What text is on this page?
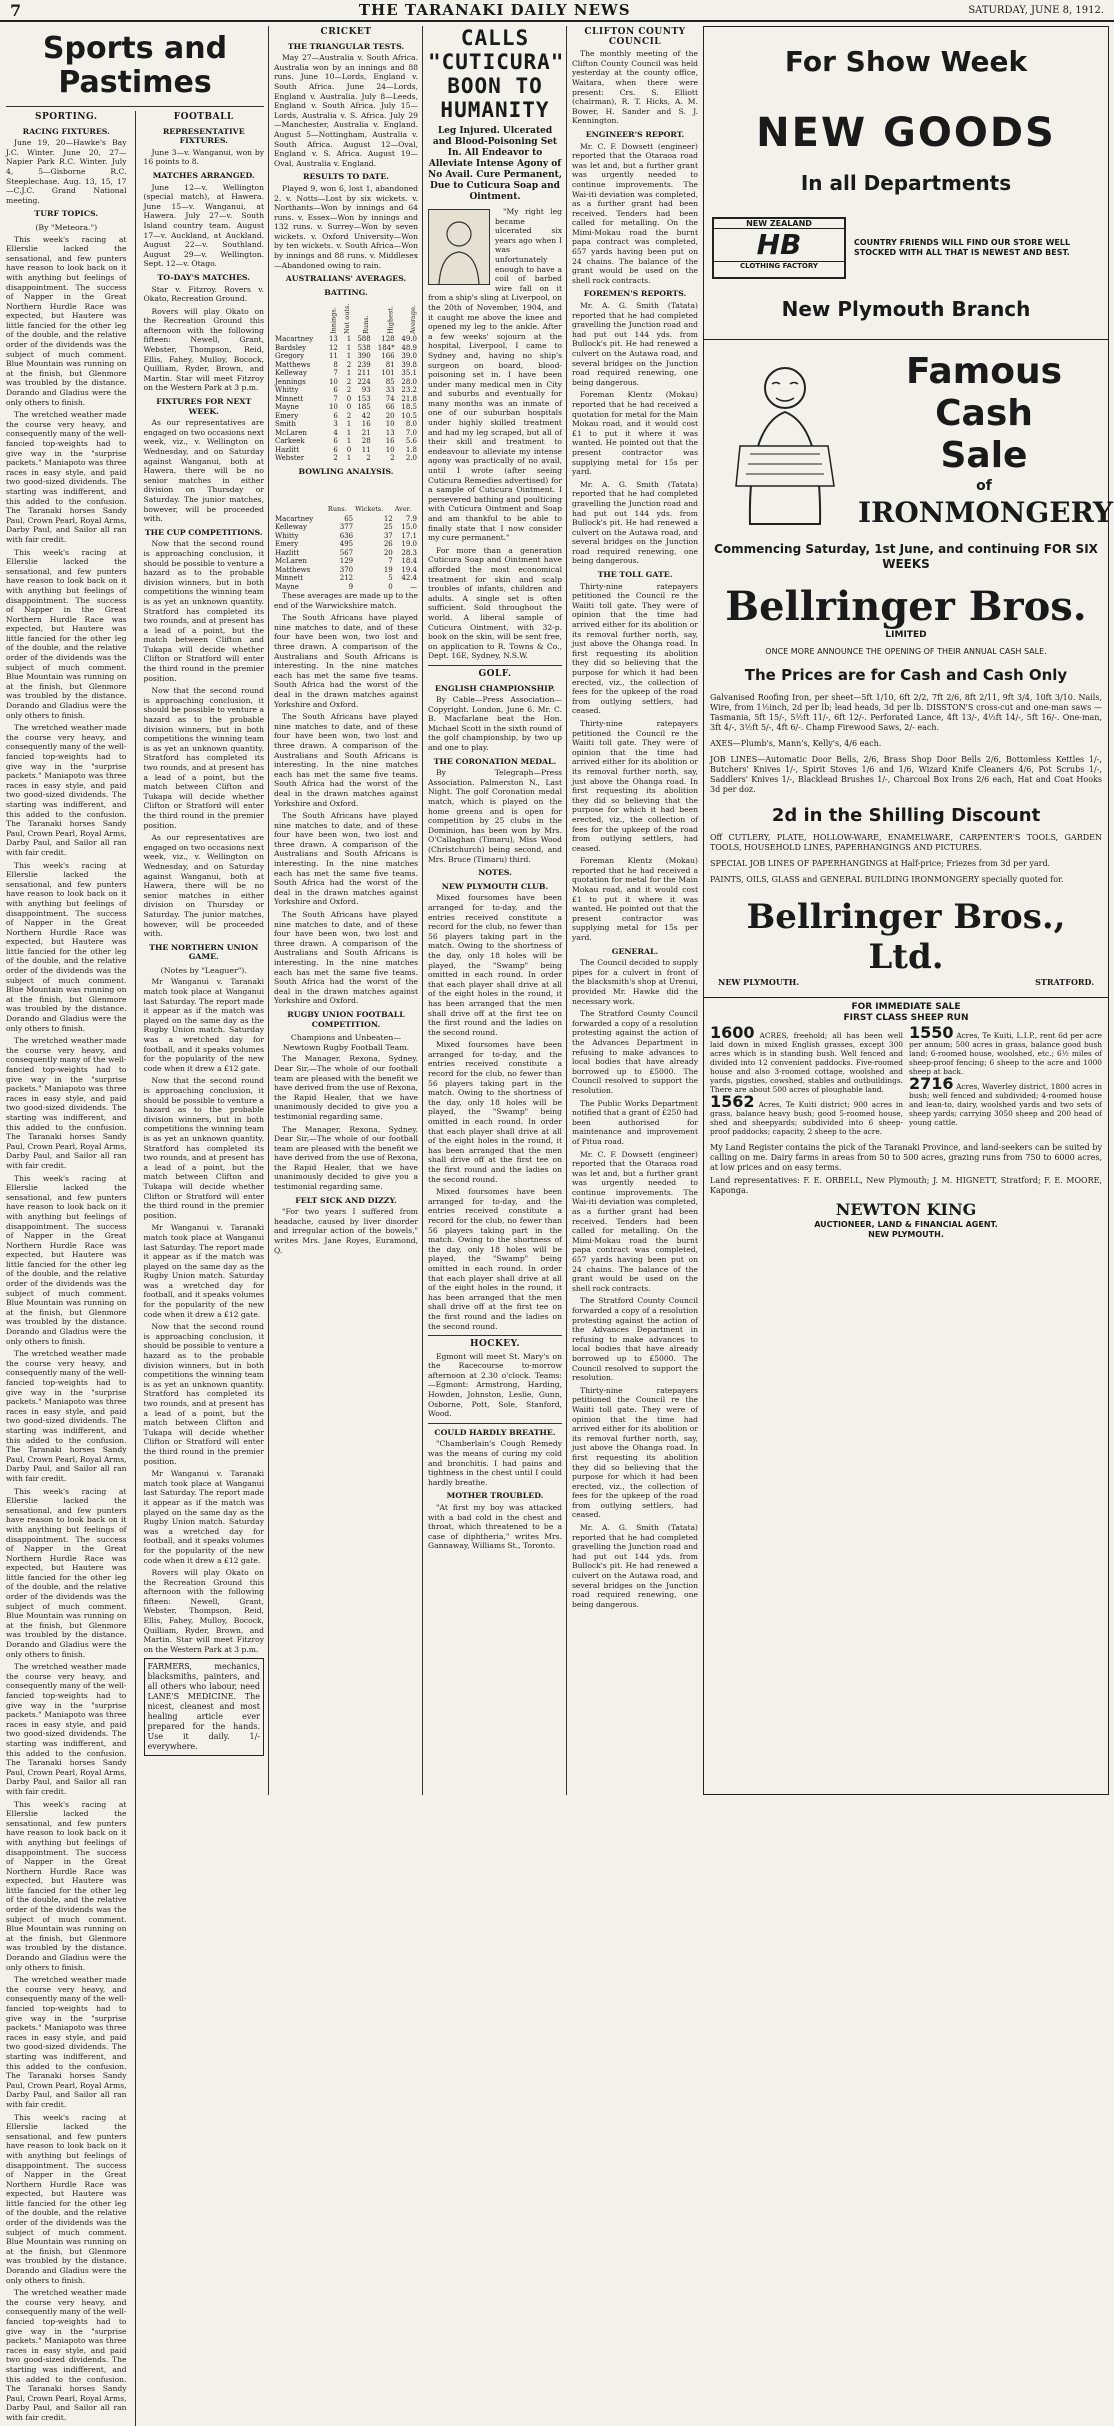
7	THE TARANAKI DAILY NEWS	SATURDAY, JUNE 8, 1912.
Sports and Pastimes
SPORTING.
RACING FIXTURES.

June 19, 20—Hawke's Bay J.C. Winter. June 20, 27—Napier Park R.C. Winter. July 4, 5—Gisborne R.C. Steeplechase. Aug. 13, 15, 17—C.J.C. Grand National meeting.

TURF TOPICS.
(By "Meteora.")

This week's racing at Ellerslie lacked the sensational, and few punters have reason to look back on it with anything but feelings of disappointment. The success of Napper in the Great Northern Hurdle Race was expected, but Hautere was little fancied for the other leg of the double, and the relative order of the dividends was the subject of much comment. Blue Mountain was running on at the finish, but Glenmore was troubled by the distance. Dorando and Gladius were the only others to finish.

The wretched weather made the course very heavy, and consequently many of the well-fancied top-weights had to give way in the "surprise packets." Maniapoto was three races in easy style, and paid two good-sized dividends. The starting was indifferent, and this added to the confusion. The Taranaki horses Sandy Paul, Crown Pearl, Royal Arms, Darby Paul, and Sailor all ran with fair credit.

This week's racing at Ellerslie lacked the sensational, and few punters have reason to look back on it with anything but feelings of disappointment. The success of Napper in the Great Northern Hurdle Race was expected, but Hautere was little fancied for the other leg of the double, and the relative order of the dividends was the subject of much comment. Blue Mountain was running on at the finish, but Glenmore was troubled by the distance. Dorando and Gladius were the only others to finish.

The wretched weather made the course very heavy, and consequently many of the well-fancied top-weights had to give way in the "surprise packets." Maniapoto was three races in easy style, and paid two good-sized dividends. The starting was indifferent, and this added to the confusion. The Taranaki horses Sandy Paul, Crown Pearl, Royal Arms, Darby Paul, and Sailor all ran with fair credit.

This week's racing at Ellerslie lacked the sensational, and few punters have reason to look back on it with anything but feelings of disappointment. The success of Napper in the Great Northern Hurdle Race was expected, but Hautere was little fancied for the other leg of the double, and the relative order of the dividends was the subject of much comment. Blue Mountain was running on at the finish, but Glenmore was troubled by the distance. Dorando and Gladius were the only others to finish.

The wretched weather made the course very heavy, and consequently many of the well-fancied top-weights had to give way in the "surprise packets." Maniapoto was three races in easy style, and paid two good-sized dividends. The starting was indifferent, and this added to the confusion. The Taranaki horses Sandy Paul, Crown Pearl, Royal Arms, Darby Paul, and Sailor all ran with fair credit.

This week's racing at Ellerslie lacked the sensational, and few punters have reason to look back on it with anything but feelings of disappointment. The success of Napper in the Great Northern Hurdle Race was expected, but Hautere was little fancied for the other leg of the double, and the relative order of the dividends was the subject of much comment. Blue Mountain was running on at the finish, but Glenmore was troubled by the distance. Dorando and Gladius were the only others to finish.

The wretched weather made the course very heavy, and consequently many of the well-fancied top-weights had to give way in the "surprise packets." Maniapoto was three races in easy style, and paid two good-sized dividends. The starting was indifferent, and this added to the confusion. The Taranaki horses Sandy Paul, Crown Pearl, Royal Arms, Darby Paul, and Sailor all ran with fair credit.

This week's racing at Ellerslie lacked the sensational, and few punters have reason to look back on it with anything but feelings of disappointment. The success of Napper in the Great Northern Hurdle Race was expected, but Hautere was little fancied for the other leg of the double, and the relative order of the dividends was the subject of much comment. Blue Mountain was running on at the finish, but Glenmore was troubled by the distance. Dorando and Gladius were the only others to finish.

The wretched weather made the course very heavy, and consequently many of the well-fancied top-weights had to give way in the "surprise packets." Maniapoto was three races in easy style, and paid two good-sized dividends. The starting was indifferent, and this added to the confusion. The Taranaki horses Sandy Paul, Crown Pearl, Royal Arms, Darby Paul, and Sailor all ran with fair credit.

This week's racing at Ellerslie lacked the sensational, and few punters have reason to look back on it with anything but feelings of disappointment. The success of Napper in the Great Northern Hurdle Race was expected, but Hautere was little fancied for the other leg of the double, and the relative order of the dividends was the subject of much comment. Blue Mountain was running on at the finish, but Glenmore was troubled by the distance. Dorando and Gladius were the only others to finish.

The wretched weather made the course very heavy, and consequently many of the well-fancied top-weights had to give way in the "surprise packets." Maniapoto was three races in easy style, and paid two good-sized dividends. The starting was indifferent, and this added to the confusion. The Taranaki horses Sandy Paul, Crown Pearl, Royal Arms, Darby Paul, and Sailor all ran with fair credit.

This week's racing at Ellerslie lacked the sensational, and few punters have reason to look back on it with anything but feelings of disappointment. The success of Napper in the Great Northern Hurdle Race was expected, but Hautere was little fancied for the other leg of the double, and the relative order of the dividends was the subject of much comment. Blue Mountain was running on at the finish, but Glenmore was troubled by the distance. Dorando and Gladius were the only others to finish.

The wretched weather made the course very heavy, and consequently many of the well-fancied top-weights had to give way in the "surprise packets." Maniapoto was three races in easy style, and paid two good-sized dividends. The starting was indifferent, and this added to the confusion. The Taranaki horses Sandy Paul, Crown Pearl, Royal Arms, Darby Paul, and Sailor all ran with fair credit.

FOOTBALL
REPRESENTATIVE FIXTURES.

June 3—v. Wanganui, won by 16 points to 8.

MATCHES ARRANGED.

June 12—v. Wellington (special match), at Hawera. June 15—v. Wanganui, at Hawera. July 27—v. South Island country team. August 17—v. Auckland, at Auckland. August 22—v. Southland. August 29—v. Wellington. Sept. 12—v. Otago.

TO-DAY'S MATCHES.

Star v. Fitzroy. Rovers v. Okato, Recreation Ground.

Rovers will play Okato on the Recreation Ground this afternoon with the following fifteen: Newell, Grant, Webster, Thompson, Reid, Ellis, Fahey, Mulloy, Bocock, Quilliam, Ryder, Brown, and Martin. Star will meet Fitzroy on the Western Park at 3 p.m.

FIXTURES FOR NEXT WEEK.

As our representatives are engaged on two occasions next week, viz., v. Wellington on Wednesday, and on Saturday against Wanganui, both at Hawera, there will be no senior matches in either division on Thursday or Saturday. The junior matches, however, will be proceeded with.

THE CUP COMPETITIONS.

Now that the second round is approaching conclusion, it should be possible to venture a hazard as to the probable division winners, but in both competitions the winning team is as yet an unknown quantity. Stratford has completed its two rounds, and at present has a lead of a point, but the match between Clifton and Tukapa will decide whether Clifton or Stratford will enter the third round in the premier position.

Now that the second round is approaching conclusion, it should be possible to venture a hazard as to the probable division winners, but in both competitions the winning team is as yet an unknown quantity. Stratford has completed its two rounds, and at present has a lead of a point, but the match between Clifton and Tukapa will decide whether Clifton or Stratford will enter the third round in the premier position.

As our representatives are engaged on two occasions next week, viz., v. Wellington on Wednesday, and on Saturday against Wanganui, both at Hawera, there will be no senior matches in either division on Thursday or Saturday. The junior matches, however, will be proceeded with.

THE NORTHERN UNION GAME.
(Notes by "Leaguer").

Mr Wanganui v. Taranaki match took place at Wanganui last Saturday. The report made it appear as if the match was played on the same day as the Rugby Union match. Saturday was a wretched day for football, and it speaks volumes for the popularity of the new code when it drew a £12 gate.

Now that the second round is approaching conclusion, it should be possible to venture a hazard as to the probable division winners, but in both competitions the winning team is as yet an unknown quantity. Stratford has completed its two rounds, and at present has a lead of a point, but the match between Clifton and Tukapa will decide whether Clifton or Stratford will enter the third round in the premier position.

Mr Wanganui v. Taranaki match took place at Wanganui last Saturday. The report made it appear as if the match was played on the same day as the Rugby Union match. Saturday was a wretched day for football, and it speaks volumes for the popularity of the new code when it drew a £12 gate.

Now that the second round is approaching conclusion, it should be possible to venture a hazard as to the probable division winners, but in both competitions the winning team is as yet an unknown quantity. Stratford has completed its two rounds, and at present has a lead of a point, but the match between Clifton and Tukapa will decide whether Clifton or Stratford will enter the third round in the premier position.

Mr Wanganui v. Taranaki match took place at Wanganui last Saturday. The report made it appear as if the match was played on the same day as the Rugby Union match. Saturday was a wretched day for football, and it speaks volumes for the popularity of the new code when it drew a £12 gate.

Rovers will play Okato on the Recreation Ground this afternoon with the following fifteen: Newell, Grant, Webster, Thompson, Reid, Ellis, Fahey, Mulloy, Bocock, Quilliam, Ryder, Brown, and Martin. Star will meet Fitzroy on the Western Park at 3 p.m.

FARMERS, mechanics, blacksmiths, painters, and all others who labour, need LANE'S MEDICINE. The nicest, cleanest and most healing article ever prepared for the hands. Use it daily. 1/- everywhere.
CRICKET
THE TRIANGULAR TESTS.

May 27—Australia v. South Africa. Australia won by an innings and 88 runs. June 10—Lords, England v. South Africa. June 24—Lords, England v. Australia. July 8—Leeds, England v. South Africa. July 15—Lords, Australia v. S. Africa. July 29—Manchester, Australia v. England. August 5—Nottingham, Australia v. South Africa. August 12—Oval, England v. S. Africa. August 19—Oval, Australia v. England.

RESULTS TO DATE.

Played 9, won 6, lost 1, abandoned 2. v. Notts—Lost by six wickets. v. Northants—Won by innings and 64 runs. v. Essex—Won by innings and 132 runs. v. Surrey—Won by seven wickets. v. Oxford University—Won by ten wickets. v. South Africa—Won by innings and 88 runs. v. Middlesex—Abandoned owing to rain.

AUSTRALIANS' AVERAGES.
BATTING.
	Innings.	Not outs.	Runs.	Highest.	Average.
Macartney	13	1	588	128	49.0
Bardsley	12	1	538	184*	48.9
Gregory	11	1	390	166	39.0
Matthews	8	2	239	81	39.8
Kelleway	7	1	211	101	35.1
Jennings	10	2	224	85	28.0
Whitty	6	2	93	33	23.2
Minnett	7	0	153	74	21.8
Mayne	10	0	185	66	18.5
Emery	6	2	42	20	10.5
Smith	3	1	16	10	8.0
McLaren	4	1	21	13	7.0
Carkeek	6	1	28	16	5.6
Hazlitt	6	0	11	10	1.8
Webster	2	1	2	2	2.0
BOWLING ANALYSIS.
	Runs.	Wickets.	Aver.
Macartney	65	12	7.9
Kelleway	377	25	15.0
Whitty	636	37	17.1
Emery	495	26	19.0
Hazlitt	567	20	28.3
McLaren	129	7	18.4
Matthews	370	19	19.4
Minnett	212	5	42.4
Mayne	9	0	—

These averages are made up to the end of the Warwickshire match.

The South Africans have played nine matches to date, and of these four have been won, two lost and three drawn. A comparison of the Australians and South Africans is interesting. In the nine matches each has met the same five teams. South Africa had the worst of the deal in the drawn matches against Yorkshire and Oxford.

The South Africans have played nine matches to date, and of these four have been won, two lost and three drawn. A comparison of the Australians and South Africans is interesting. In the nine matches each has met the same five teams. South Africa had the worst of the deal in the drawn matches against Yorkshire and Oxford.

The South Africans have played nine matches to date, and of these four have been won, two lost and three drawn. A comparison of the Australians and South Africans is interesting. In the nine matches each has met the same five teams. South Africa had the worst of the deal in the drawn matches against Yorkshire and Oxford.

The South Africans have played nine matches to date, and of these four have been won, two lost and three drawn. A comparison of the Australians and South Africans is interesting. In the nine matches each has met the same five teams. South Africa had the worst of the deal in the drawn matches against Yorkshire and Oxford.

RUGBY UNION FOOTBALL COMPETITION.
Champions and Unbeaten—Newtown Rugby Football Team.

The Manager, Rexona, Sydney. Dear Sir,—The whole of our football team are pleased with the benefit we have derived from the use of Rexona, the Rapid Healer, that we have unanimously decided to give you a testimonial regarding same.

The Manager, Rexona, Sydney. Dear Sir,—The whole of our football team are pleased with the benefit we have derived from the use of Rexona, the Rapid Healer, that we have unanimously decided to give you a testimonial regarding same.

FELT SICK AND DIZZY.

"For two years I suffered from headache, caused by liver disorder and irregular action of the bowels," writes Mrs. Jane Royes, Euramond, Q.

CALLS "CUTICURA" BOON TO HUMANITY
Leg Injured. Ulcerated and Blood-Poisoning Set In. All Endeavor to Alleviate Intense Agony of No Avail. Cure Permanent, Due to Cuticura Soap and Ointment.

"My right leg became ulcerated six years ago when I was unfortunately enough to have a coil of barbed wire fall on it from a ship's sling at Liverpool, on the 20th of November, 1904, and it caught me above the knee and opened my leg to the ankle. After a few weeks' sojourn at the hospital, Liverpool, I came to Sydney and, having no ship's surgeon on board, blood-poisoning set in. I have been under many medical men in City and suburbs and eventually for many months was an inmate of one of our suburban hospitals under highly skilled treatment and had my leg scraped, but all of their skill and treatment to endeavour to alleviate my intense agony was practically of no avail, until I wrote (after seeing Cuticura Remedies advertised) for a sample of Cuticura Ointment. I persevered bathing and poulticing with Cuticura Ointment and Soap and am thankful to be able to finally state that I now consider my cure permanent."

For more than a generation Cuticura Soap and Ointment have afforded the most economical treatment for skin and scalp troubles of infants, children and adults. A single set is often sufficient. Sold throughout the world. A liberal sample of Cuticura Ointment, with 32-p. book on the skin, will be sent free, on application to R. Towns & Co., Dept. 16E, Sydney, N.S.W.

GOLF.
ENGLISH CHAMPIONSHIP.

By Cable—Press Association—Copyright. London, June 6. Mr. C. B. Macfarlane beat the Hon. Michael Scott in the sixth round of the golf championship, by two up and one to play.

THE CORONATION MEDAL.

By Telegraph—Press Association. Palmerston N., Last Night. The golf Coronation medal match, which is played on the home greens and is open for competition by 25 clubs in the Dominion, has been won by Mrs. O'Callaghan (Timaru), Miss Wood (Christchurch) being second, and Mrs. Bruce (Timaru) third.

NOTES.
NEW PLYMOUTH CLUB.

Mixed foursomes have been arranged for to-day, and the entries received constitute a record for the club, no fewer than 56 players taking part in the match. Owing to the shortness of the day, only 18 holes will be played, the "Swamp" being omitted in each round. In order that each player shall drive at all of the eight holes in the round, it has been arranged that the men shall drive off at the first tee on the first round and the ladies on the second round.

Mixed foursomes have been arranged for to-day, and the entries received constitute a record for the club, no fewer than 56 players taking part in the match. Owing to the shortness of the day, only 18 holes will be played, the "Swamp" being omitted in each round. In order that each player shall drive at all of the eight holes in the round, it has been arranged that the men shall drive off at the first tee on the first round and the ladies on the second round.

Mixed foursomes have been arranged for to-day, and the entries received constitute a record for the club, no fewer than 56 players taking part in the match. Owing to the shortness of the day, only 18 holes will be played, the "Swamp" being omitted in each round. In order that each player shall drive at all of the eight holes in the round, it has been arranged that the men shall drive off at the first tee on the first round and the ladies on the second round.

HOCKEY.

Egmont will meet St. Mary's on the Racecourse to-morrow afternoon at 2.30 o'clock. Teams:—Egmont: Armstrong, Harding, Howden, Johnston, Leslie, Gunn, Osborne, Pott, Sole, Stanford, Wood.

COULD HARDLY BREATHE.

"Chamberlain's Cough Remedy was the means of curing my cold and bronchitis. I had pains and tightness in the chest until I could hardly breathe.

MOTHER TROUBLED.

"At first my boy was attacked with a bad cold in the chest and throat, which threatened to be a case of diphtheria," writes Mrs. Gannaway, Williams St., Toronto.

CLIFTON COUNTY COUNCIL

The monthly meeting of the Clifton County Council was held yesterday at the county office, Waitara, when there were present: Crs. S. Elliott (chairman), R. T. Hicks, A. M. Bower, H. Sander and S. J. Kennington.

ENGINEER'S REPORT.

Mr. C. F. Dowsett (engineer) reported that the Otaraoa road was let and, but a further grant was urgently needed to continue improvements. The Wai-iti deviation was completed, as a further grant had been received. Tenders had been called for metalling. On the Mimi-Mokau road the burnt papa contract was completed, 657 yards having been put on 24 chains. The balance of the grant would be used on the shell rock contracts.

FOREMEN'S REPORTS.

Mr. A. G. Smith (Tatata) reported that he had completed gravelling the Junction road and had put out 144 yds. from Bullock's pit. He had renewed a culvert on the Autawa road, and several bridges on the Junction road required renewing, one being dangerous.

Foreman Klentz (Mokau) reported that he had received a quotation for metal for the Main Mokau road, and it would cost £1 to put it where it was wanted. He pointed out that the present contractor was supplying metal for 15s per yard.

Mr. A. G. Smith (Tatata) reported that he had completed gravelling the Junction road and had put out 144 yds. from Bullock's pit. He had renewed a culvert on the Autawa road, and several bridges on the Junction road required renewing, one being dangerous.

THE TOLL GATE.

Thirty-nine ratepayers petitioned the Council re the Waiiti toll gate. They were of opinion that the time had arrived either for its abolition or its removal further north, say, just above the Ohanga road. In first requesting its abolition they did so believing that the purpose for which it had been erected, viz., the collection of fees for the upkeep of the road from outlying settlers, had ceased.

Thirty-nine ratepayers petitioned the Council re the Waiiti toll gate. They were of opinion that the time had arrived either for its abolition or its removal further north, say, just above the Ohanga road. In first requesting its abolition they did so believing that the purpose for which it had been erected, viz., the collection of fees for the upkeep of the road from outlying settlers, had ceased.

Foreman Klentz (Mokau) reported that he had received a quotation for metal for the Main Mokau road, and it would cost £1 to put it where it was wanted. He pointed out that the present contractor was supplying metal for 15s per yard.

GENERAL.

The Council decided to supply pipes for a culvert in front of the blacksmith's shop at Urenui, provided Mr. Hawke did the necessary work.

The Stratford County Council forwarded a copy of a resolution protesting against the action of the Advances Department in refusing to make advances to local bodies that have already borrowed up to £5000. The Council resolved to support the resolution.

The Public Works Department notified that a grant of £250 had been authorised for maintenance and improvement of Pitua road.

Mr. C. F. Dowsett (engineer) reported that the Otaraoa road was let and, but a further grant was urgently needed to continue improvements. The Wai-iti deviation was completed, as a further grant had been received. Tenders had been called for metalling. On the Mimi-Mokau road the burnt papa contract was completed, 657 yards having been put on 24 chains. The balance of the grant would be used on the shell rock contracts.

The Stratford County Council forwarded a copy of a resolution protesting against the action of the Advances Department in refusing to make advances to local bodies that have already borrowed up to £5000. The Council resolved to support the resolution.

Thirty-nine ratepayers petitioned the Council re the Waiiti toll gate. They were of opinion that the time had arrived either for its abolition or its removal further north, say, just above the Ohanga road. In first requesting its abolition they did so believing that the purpose for which it had been erected, viz., the collection of fees for the upkeep of the road from outlying settlers, had ceased.

Mr. A. G. Smith (Tatata) reported that he had completed gravelling the Junction road and had put out 144 yds. from Bullock's pit. He had renewed a culvert on the Autawa road, and several bridges on the Junction road required renewing, one being dangerous.

For Show Week
NEW GOODS
In all Departments
NEW ZEALAND
HB
CLOTHING FACTORY
COUNTRY FRIENDS WILL FIND OUR STORE WELL STOCKED WITH ALL THAT IS NEWEST AND BEST.
New Plymouth Branch
Famous
Cash
Sale
of
IRONMONGERY
Commencing Saturday, 1st June, and continuing FOR SIX WEEKS
Bellringer Bros.
LIMITED
ONCE MORE ANNOUNCE THE OPENING OF THEIR ANNUAL CASH SALE.
The Prices are for Cash and Cash Only
Galvanised Roofing Iron, per sheet—5ft 1/10, 6ft 2/2, 7ft 2/6, 8ft 2/11, 9ft 3/4, 10ft 3/10. Nails, Wire, from 1½inch, 2d per lb; lead heads, 3d per lb. DISSTON'S cross-cut and one-man saws — Tasmania, 5ft 15/-, 5½ft 11/-, 6ft 12/-. Perforated Lance, 4ft 13/-, 4½ft 14/-, 5ft 16/-. One-man, 3ft 4/-, 3½ft 5/-, 4ft 6/-. Champ Firewood Saws, 2/- each.
AXES—Plumb's, Mann's, Kelly's, 4/6 each.
JOB LINES—Automatic Door Bells, 2/6, Brass Shop Door Bells 2/6, Bottomless Kettles 1/-, Butchers' Knives 1/-, Spirit Stoves 1/6 and 1/6, Wizard Knife Cleaners 4/6, Pot Scrubs 1/-, Saddlers' Knives 1/-, Blacklead Brushes 1/-, Charcoal Box Irons 2/6 each, Hat and Coat Hooks 3d per doz.
2d in the Shilling Discount
Off CUTLERY, PLATE, HOLLOW-WARE, ENAMELWARE, CARPENTER'S TOOLS, GARDEN TOOLS, HOUSEHOLD LINES, PAPERHANGINGS AND PICTURES.
SPECIAL JOB LINES OF PAPERHANGINGS at Half-price; Friezes from 3d per yard.
PAINTS, OILS, GLASS and GENERAL BUILDING IRONMONGERY specially quoted for.
Bellringer Bros., Ltd.
NEW PLYMOUTH.	STRATFORD.
FOR IMMEDIATE SALE
FIRST CLASS SHEEP RUN

1600 ACRES, freehold; all has been well laid down in mixed English grasses, except 300 acres which is in standing bush. Well fenced and divided into 12 convenient paddocks. Five-roomed house and also 3-roomed cottage, woolshed and yards, pigsties, cowshed, stables and outbuildings. There are about 500 acres of ploughable land.

1562 Acres, Te Kuiti district; 900 acres in grass, balance heavy bush; good 5-roomed house, shed and sheepyards; subdivided into 6 sheep-proof paddocks; capacity, 2 sheep to the acre.

1550 Acres, Te Kuiti, L.I.P., rent 6d per acre per annum; 500 acres in grass, balance good bush land; 6-roomed house, woolshed, etc.; 6½ miles of sheep-proof fencing; 6 sheep to the acre and 1000 sheep at back.

2716 Acres, Waverley district, 1800 acres in bush; well fenced and subdivided; 4-roomed house and lean-to, dairy, woolshed yards and two sets of sheep yards; carrying 3050 sheep and 200 head of young cattle.

My Land Register contains the pick of the Taranaki Province, and land-seekers can be suited by calling on me. Dairy farms in areas from 50 to 500 acres, grazing runs from 750 to 6000 acres, at low prices and on easy terms.
Land representatives: F. E. ORBELL, New Plymouth; J. M. HIGNETT, Stratford; F. E. MOORE, Kaponga.
NEWTON KING
AUCTIONEER, LAND & FINANCIAL AGENT.
NEW PLYMOUTH.
